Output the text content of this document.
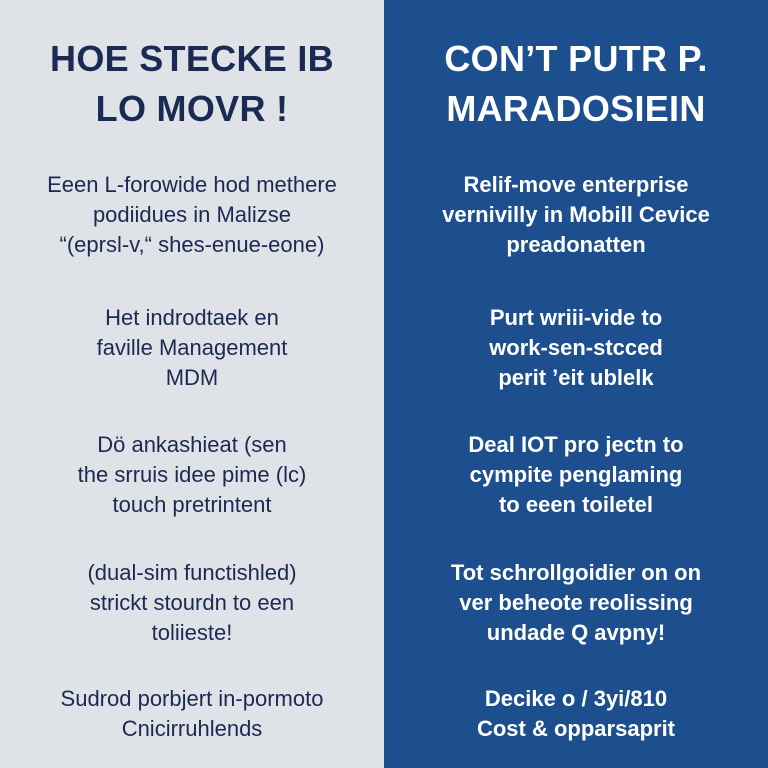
HOE STECKE IB
LO MOVR !

Eeen L-forowide hod methere
podiidues in Malizse
“(eprsl-v,“ shes-enue-eone)

Het indrodtaek en
faville Management
MDM

Dö ankashieat (sen
the srruis idee pime (lc)
touch pretrintent

(dual-sim functishled)
strickt stourdn to een
toliieste!

Sudrod porbjert in-pormoto
Cnicirruhlends

CON’T PUTR P.
MARADOSIEIN

Relif-move enterprise
vernivilly in Mobill Cevice
preadonatten

Purt wriii-vide to
work-sen-stcced
perit ’eit ublelk

Deal IOT pro jectn to
cympite penglaming
to eeen toiletel

Tot schrollgoidier on on
ver beheote reolissing
undade Q avpny!

Decike o / 3yi/810
Cost & opparsaprit
